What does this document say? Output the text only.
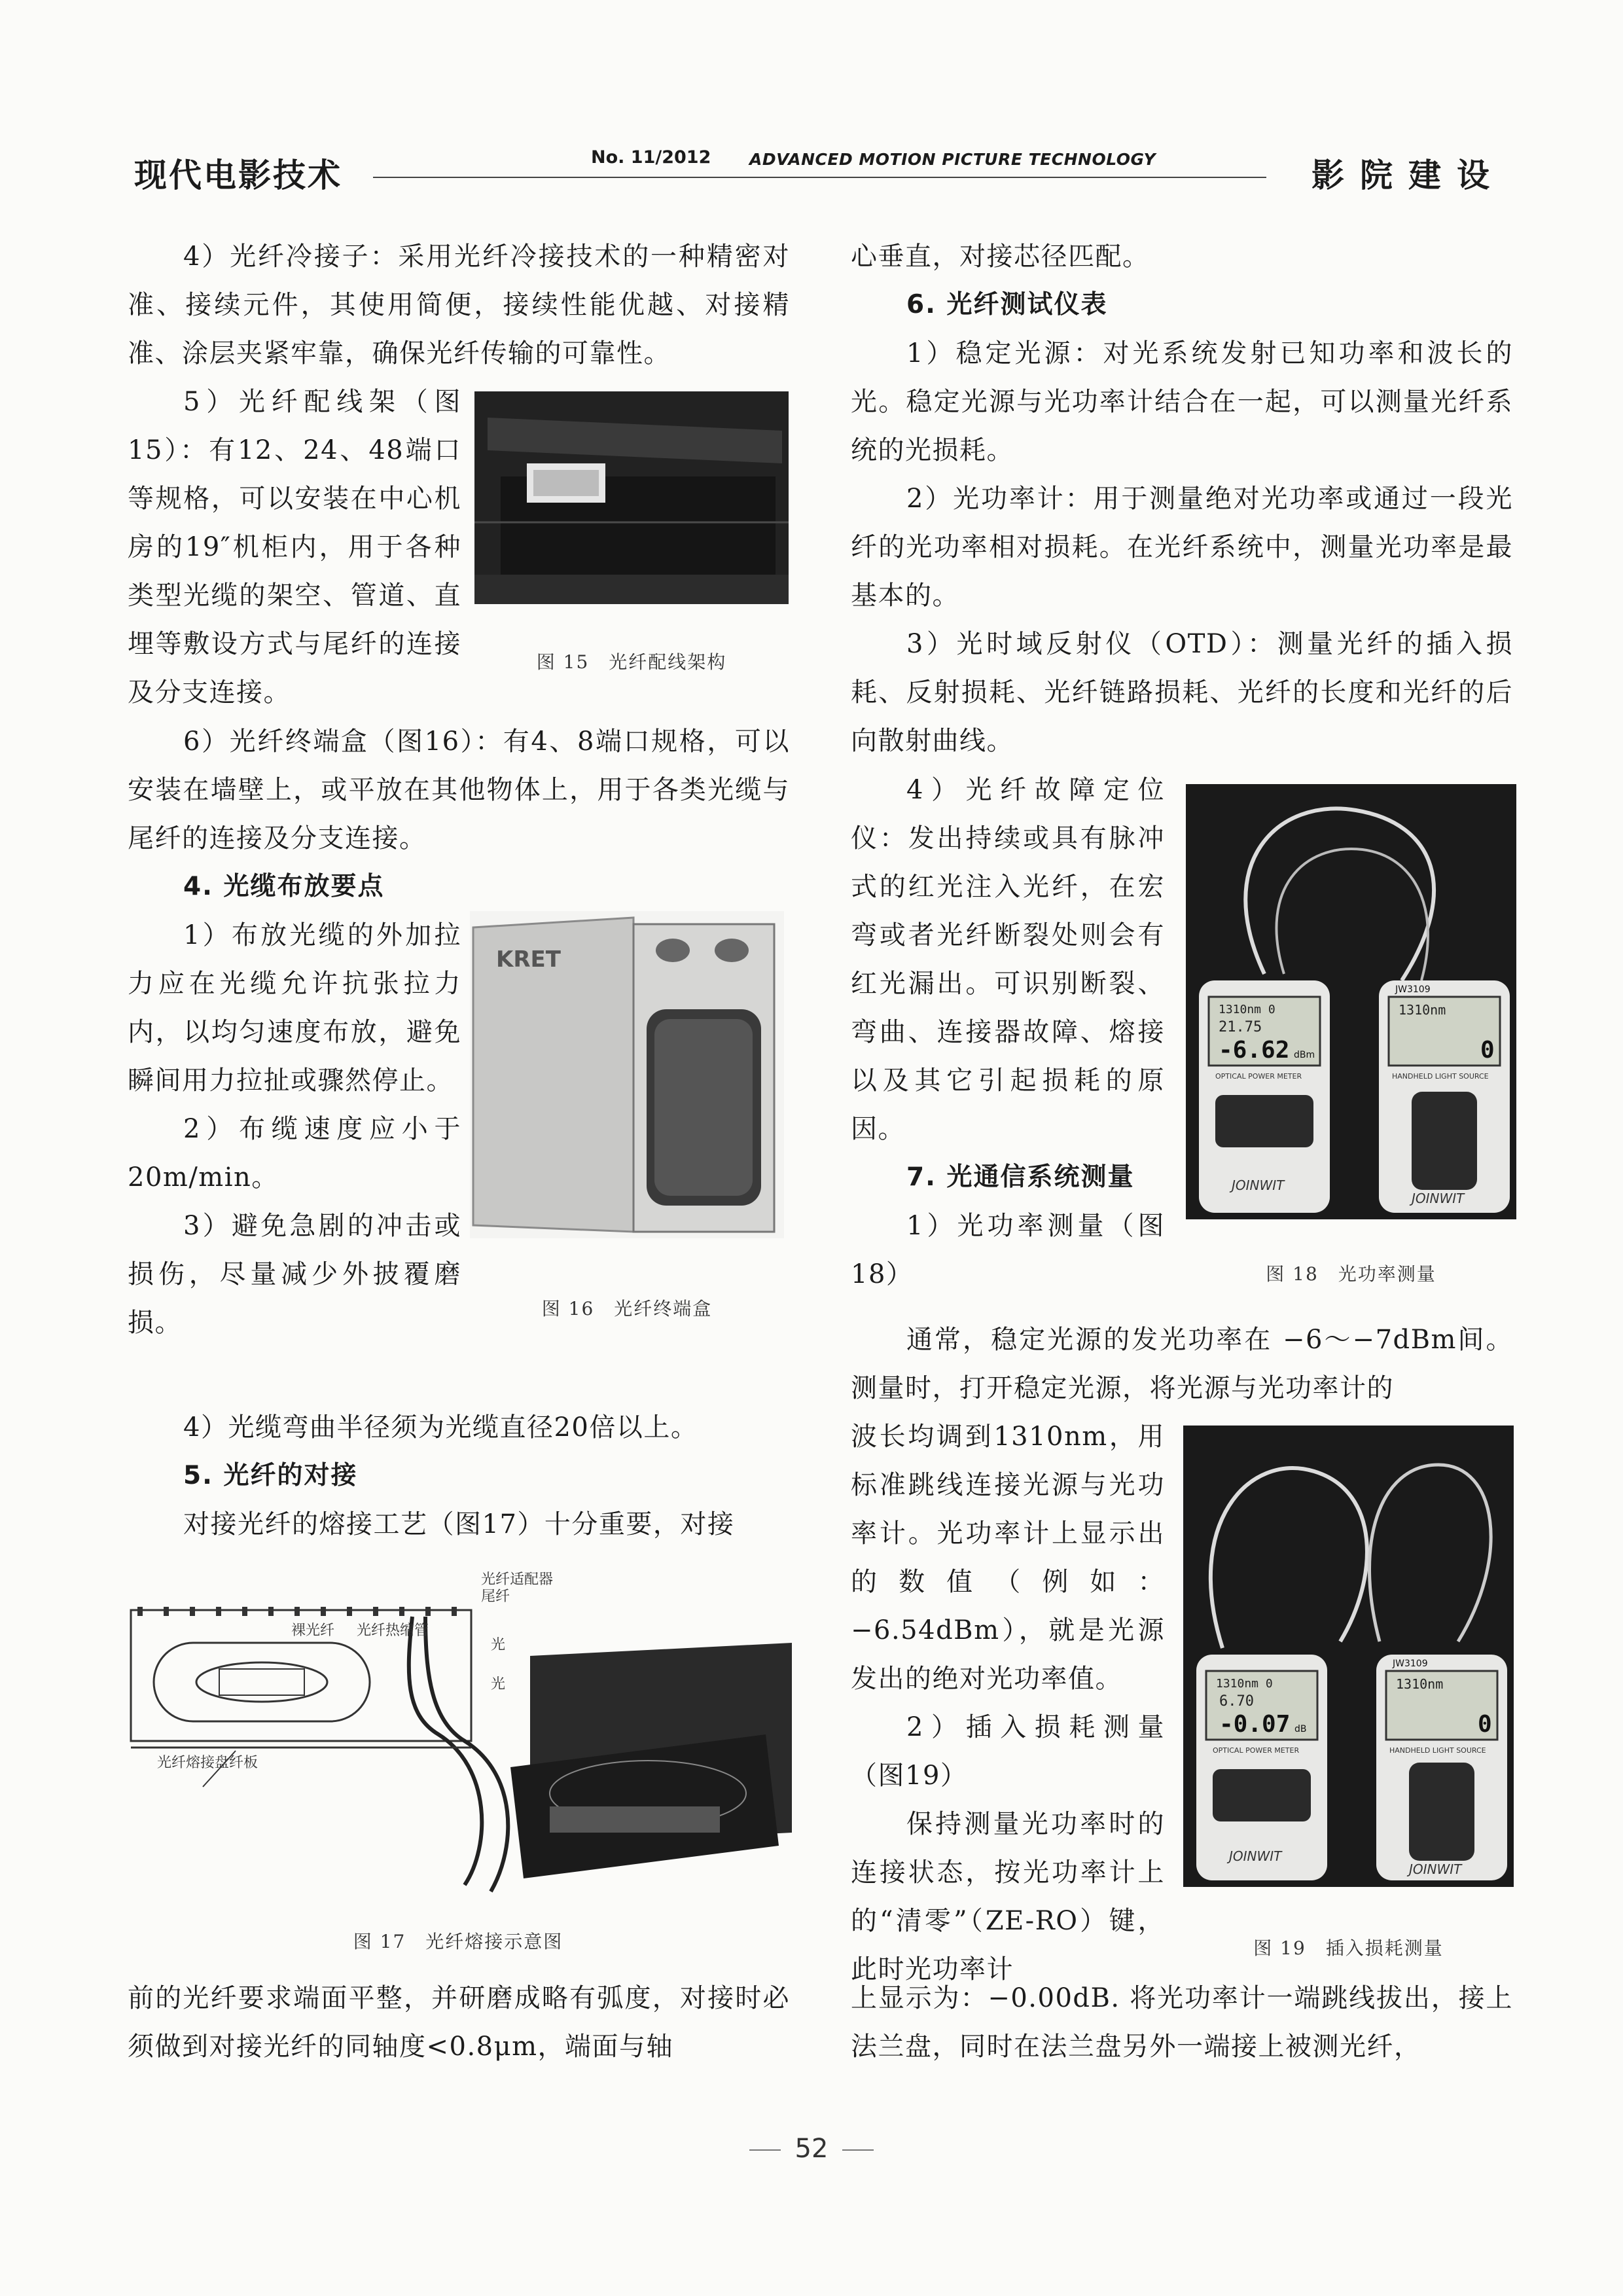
现代电影技术	No. 11/2012	ADVANCED MOTION PICTURE TECHNOLOGY	影院建设

4）光纤冷接子：采用光纤冷接技术的一种精密对准、接续元件，其使用简便，接续性能优越、对接精准、涂层夹紧牢靠，确保光纤传输的可靠性。

5）光纤配线架（图15）：有12、24、48端口等规格，可以安装在中心机房的19″机柜内，用于各种类型光缆的架空、管道、直埋等敷设方式与尾纤的连接及分支连接。

图 15　光纤配线架构

6）光纤终端盒（图16）：有4、8端口规格，可以安装在墙壁上，或平放在其他物体上，用于各类光缆与尾纤的连接及分支连接。

4. 光缆布放要点

1）布放光缆的外加拉力应在光缆允许抗张拉力内，以均匀速度布放，避免瞬间用力拉扯或骤然停止。

2）布缆速度应小于20m/min。

3）避免急剧的冲击或损伤，尽量减少外披覆磨损。

KRET
图 16　光纤终端盒

4）光缆弯曲半径须为光缆直径20倍以上。

5. 光纤的对接

对接光纤的熔接工艺（图17）十分重要，对接

光纤适配器
尾纤
裸光纤 光纤热缩管
光
光
光纤熔接盘纤板
图 17　光纤熔接示意图

前的光纤要求端面平整，并研磨成略有弧度，对接时必须做到对接光纤的同轴度<0.8μm，端面与轴

心垂直，对接芯径匹配。

6. 光纤测试仪表

1）稳定光源：对光系统发射已知功率和波长的光。稳定光源与光功率计结合在一起，可以测量光纤系统的光损耗。

2）光功率计：用于测量绝对光功率或通过一段光纤的光功率相对损耗。在光纤系统中，测量光功率是最基本的。

3）光时域反射仪（OTD）：测量光纤的插入损耗、反射损耗、光纤链路损耗、光纤的长度和光纤的后向散射曲线。

4）光纤故障定位仪：发出持续或具有脉冲式的红光注入光纤，在宏弯或者光纤断裂处则会有红光漏出。可识别断裂、弯曲、连接器故障、熔接以及其它引起损耗的原因。

7. 光通信系统测量

1）光功率测量（图18）

1310nm 0
21.75
-6.62 dBm
JW3109
1310nm
0
OPTICAL POWER METER	HANDHELD LIGHT SOURCE
JOINWIT
JOINWIT
图 18　光功率测量

通常，稳定光源的发光功率在 −6～−7dBm间。测量时，打开稳定光源，将光源与光功率计的

1310nm 0
6.70
-0.07 dB
JW3109
1310nm
0
OPTICAL POWER METER	HANDHELD LIGHT SOURCE
JOINWIT
JOINWIT
图 19　插入损耗测量

波长均调到1310nm，用标准跳线连接光源与光功率计。光功率计上显示出的数值（例如：−6.54dBm），就是光源发出的绝对光功率值。

2）插入损耗测量（图19）

保持测量光功率时的连接状态，按光功率计上的“清零”（ZE-RO）键，此时光功率计

上显示为：−0.00dB. 将光功率计一端跳线拔出，接上法兰盘，同时在法兰盘另外一端接上被测光纤，

52
